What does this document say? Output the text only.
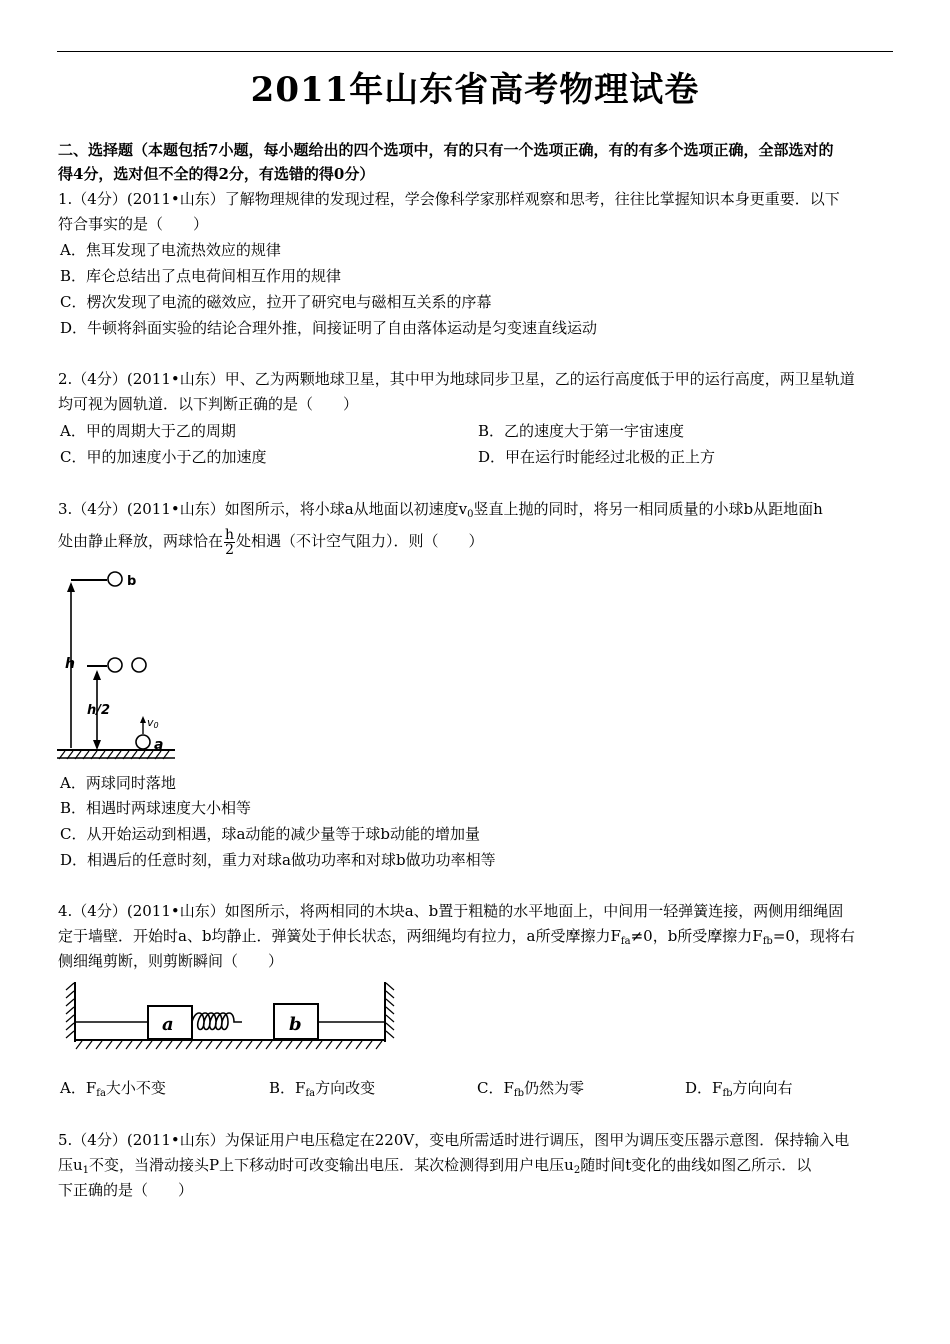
2011年山东省高考物理试卷
二、选择题（本题包括7小题，每小题给出的四个选项中，有的只有一个选项正确，有的有多个选项正确，全部选对的
得4分，选对但不全的得2分，有选错的得0分）
1.（4分）(2011•山东）了解物理规律的发现过程，学会像科学家那样观察和思考，往往比掌握知识本身更重要．以下
符合事实的是（　　）
A．焦耳发现了电流热效应的规律
B．库仑总结出了点电荷间相互作用的规律
C．楞次发现了电流的磁效应，拉开了研究电与磁相互关系的序幕
D．牛顿将斜面实验的结论合理外推，间接证明了自由落体运动是匀变速直线运动
2.（4分）(2011•山东）甲、乙为两颗地球卫星，其中甲为地球同步卫星，乙的运行高度低于甲的运行高度，两卫星轨道
均可视为圆轨道．以下判断正确的是（　　）
A．甲的周期大于乙的周期	B．乙的速度大于第一宇宙速度
C．甲的加速度小于乙的加速度	D．甲在运行时能经过北极的正上方
3.（4分）(2011•山东）如图所示，将小球a从地面以初速度$v_0$竖直上抛的同时，将另一相同质量的小球b从距地面h
处由静止释放，两球恰在 $\frac{h}{2}$ 处相遇（不计空气阻力）．则（　　）
b
h
h/2
v0
a
A．两球同时落地
B．相遇时两球速度大小相等
C．从开始运动到相遇，球a动能的减少量等于球b动能的增加量
D．相遇后的任意时刻，重力对球a做功功率和对球b做功功率相等
4.（4分）(2011•山东）如图所示，将两相同的木块a、b置于粗糙的水平地面上，中间用一轻弹簧连接，两侧用细绳固
定于墙壁．开始时a、b均静止．弹簧处于伸长状态，两细绳均有拉力，a所受摩擦力$F_{fa}\ne 0$，b所受摩擦力$F_{fb}=0$，现将右
侧细绳剪断，则剪断瞬间（　　）
a	b
A．$F_{fa}$大小不变	B．$F_{fa}$方向改变	C．$F_{fb}$仍然为零	D．$F_{fb}$方向向右
5.（4分）(2011•山东）为保证用户电压稳定在220V，变电所需适时进行调压，图甲为调压变压器示意图．保持输入电
压$u_1$不变，当滑动接头P上下移动时可改变输出电压．某次检测得到用户电压$u_2$随时间t变化的曲线如图乙所示．以
下正确的是（　　）
